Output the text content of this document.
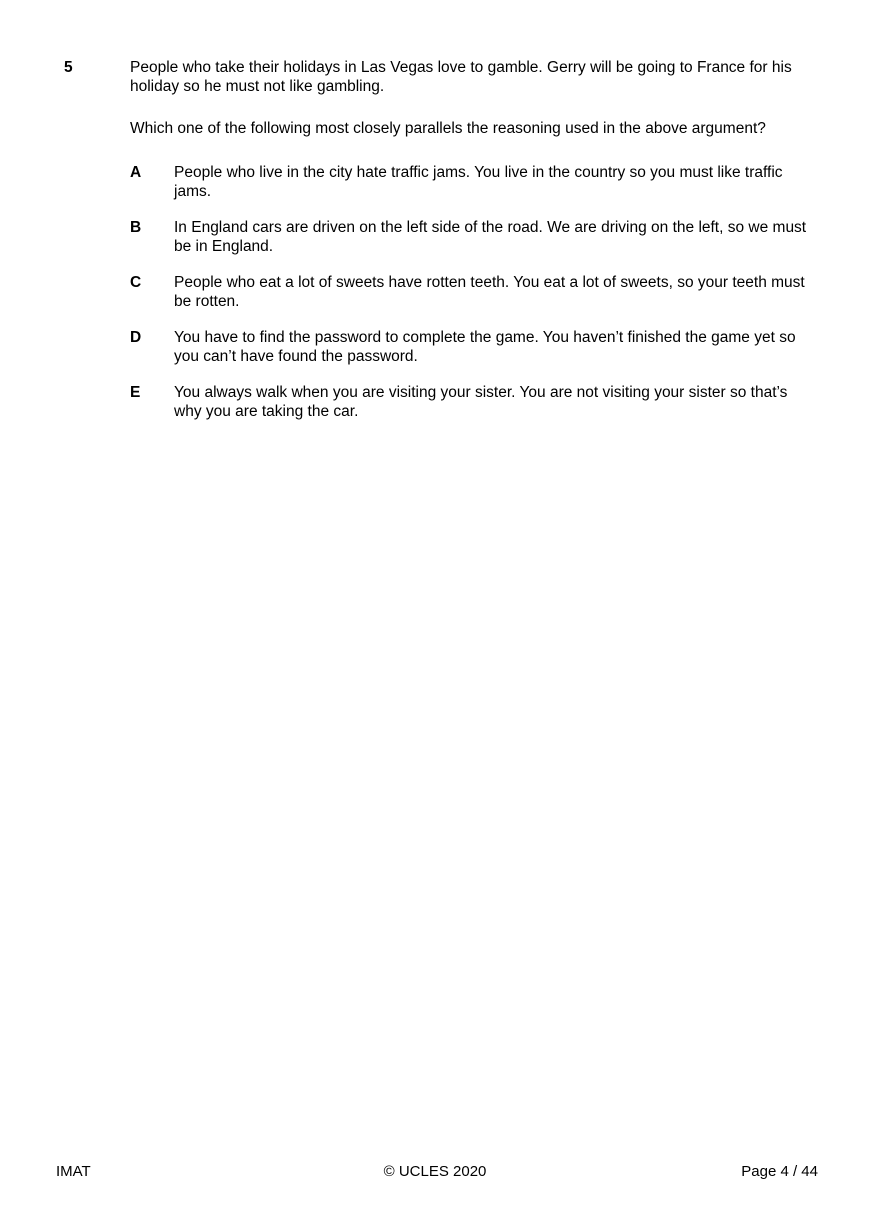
5	People who take their holidays in Las Vegas love to gamble. Gerry will be going to France for his holiday so he must not like gambling.
Which one of the following most closely parallels the reasoning used in the above argument?
A People who live in the city hate traffic jams. You live in the country so you must like traffic jams.
B In England cars are driven on the left side of the road. We are driving on the left, so we must be in England.
C People who eat a lot of sweets have rotten teeth. You eat a lot of sweets, so your teeth must be rotten.
D You have to find the password to complete the game. You haven’t finished the game yet so you can’t have found the password.
E You always walk when you are visiting your sister. You are not visiting your sister so that’s why you are taking the car.
© UCLES 2020
IMAT	Page 4 / 44
